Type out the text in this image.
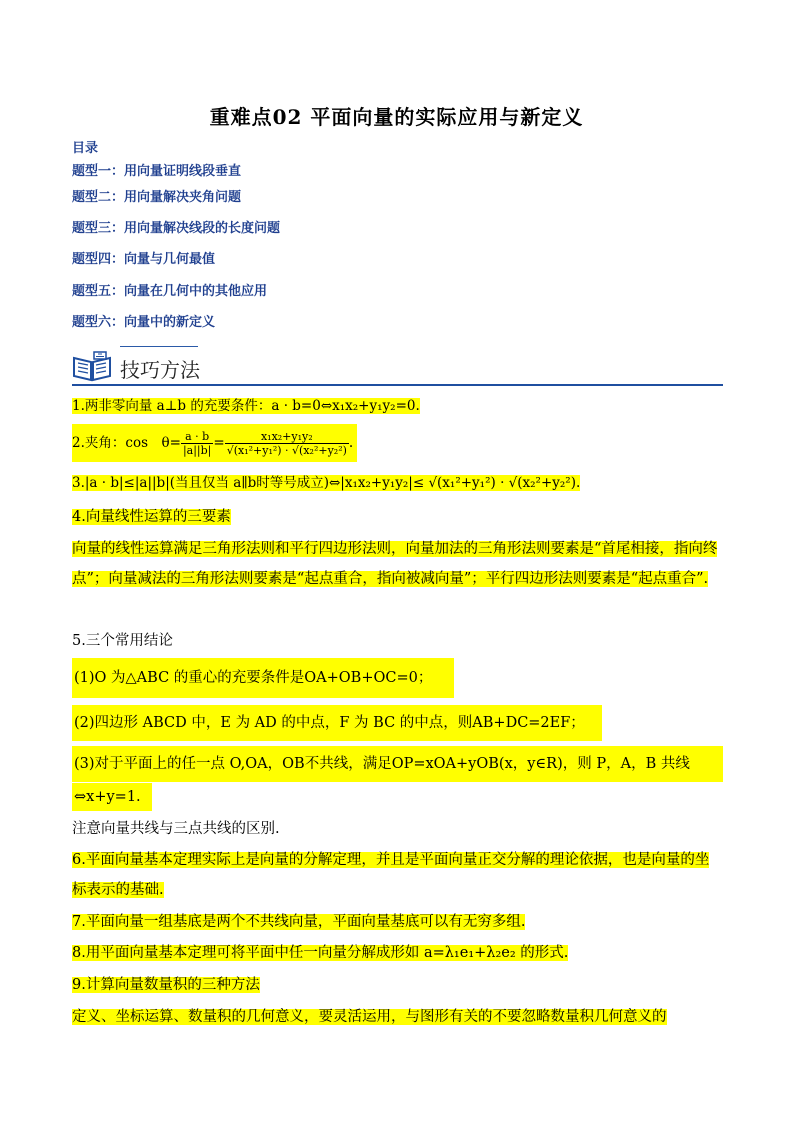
重难点02 平面向量的实际应用与新定义
目录
题型一：用向量证明线段垂直
题型二：用向量解决夹角问题
题型三：用向量解决线段的长度问题
题型四：向量与几何最值
题型五：向量在几何中的其他应用
题型六：向量中的新定义
技巧方法
1.两非零向量 a⊥b 的充要条件：a · b=0⇔x₁x₂+y₁y₂=0.
2.夹角：cos　$\theta= \frac{a \cdot b}{|a||b|} = \frac{\text{x₁x₂+y₁y₂}}{\text{√(x₁²+y₁²) · √(x₂²+y₂²)}}$ .
3.|a · b|≤|a||b|(当且仅当 a∥b时等号成立)⇔|x₁x₂+y₁y₂|≤ √(x₁²+y₁²) · √(x₂²+y₂²).
4.向量线性运算的三要素
向量的线性运算满足三角形法则和平行四边形法则，向量加法的三角形法则要素是“首尾相接，指向终点”；向量减法的三角形法则要素是“起点重合，指向被减向量”；平行四边形法则要素是“起点重合”.
5.三个常用结论
(1)O 为△ABC 的重心的充要条件是OA+OB+OC=0；
(2)四边形 ABCD 中，E 为 AD 的中点，F 为 BC 的中点，则AB+DC=2EF；
(3)对于平面上的任一点 O,OA，OB不共线，满足OP=xOA+yOB(x，y∈R)，则 P，A，B 共线
⇔x+y=1.
注意向量共线与三点共线的区别.
6.平面向量基本定理实际上是向量的分解定理，并且是平面向量正交分解的理论依据，也是向量的坐标表示的基础.
7.平面向量一组基底是两个不共线向量，平面向量基底可以有无穷多组.
8.用平面向量基本定理可将平面中任一向量分解成形如 a=λ₁e₁+λ₂e₂ 的形式.
9.计算向量数量积的三种方法
定义、坐标运算、数量积的几何意义，要灵活运用，与图形有关的不要忽略数量积几何意义的
